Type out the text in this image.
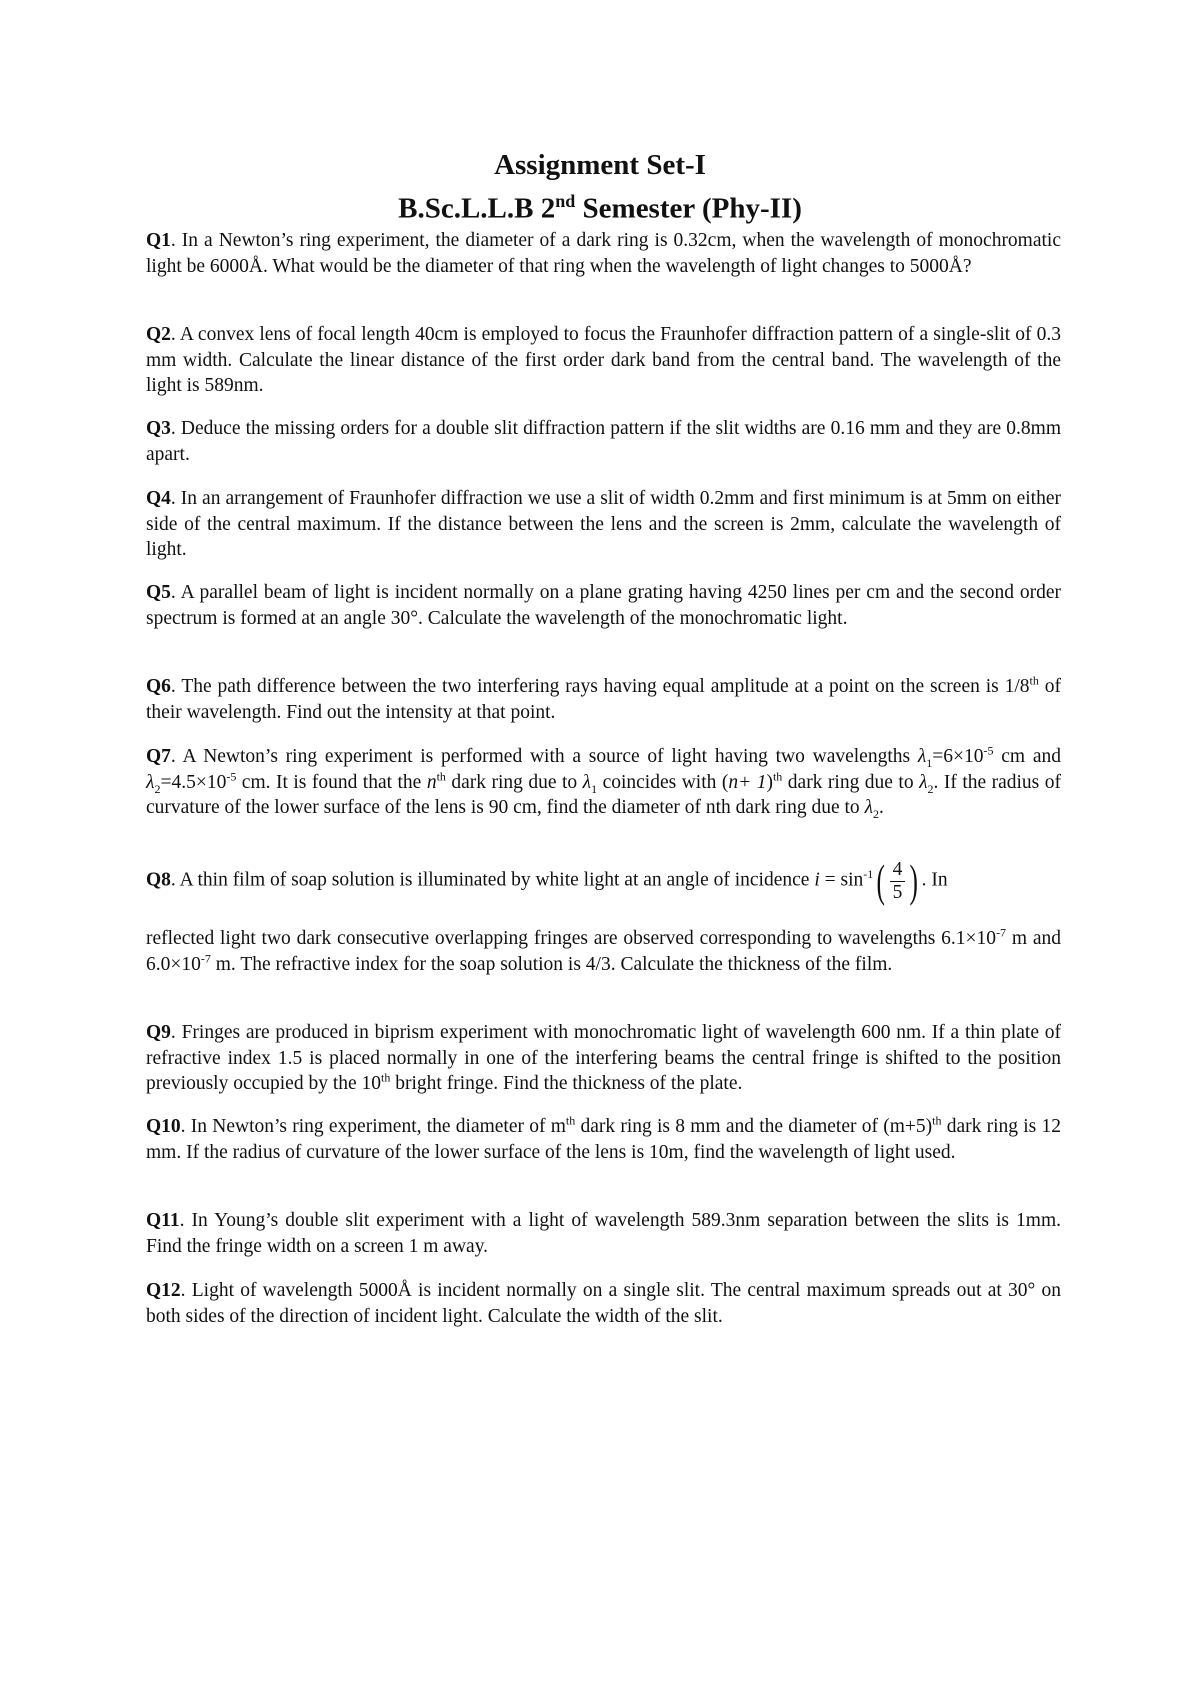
Assignment Set-I
B.Sc.L.L.B 2nd Semester (Phy-II)
Q1. In a Newton’s ring experiment, the diameter of a dark ring is 0.32cm, when the wavelength of monochromatic light be 6000Å. What would be the diameter of that ring when the wavelength of light changes to 5000Å?
Q2. A convex lens of focal length 40cm is employed to focus the Fraunhofer diffraction pattern of a single-slit of 0.3 mm width. Calculate the linear distance of the first order dark band from the central band. The wavelength of the light is 589nm.
Q3. Deduce the missing orders for a double slit diffraction pattern if the slit widths are 0.16 mm and they are 0.8mm apart.
Q4. In an arrangement of Fraunhofer diffraction we use a slit of width 0.2mm and first minimum is at 5mm on either side of the central maximum. If the distance between the lens and the screen is 2mm, calculate the wavelength of light.
Q5. A parallel beam of light is incident normally on a plane grating having 4250 lines per cm and the second order spectrum is formed at an angle 30°. Calculate the wavelength of the monochromatic light.
Q6. The path difference between the two interfering rays having equal amplitude at a point on the screen is 1/8th of their wavelength. Find out the intensity at that point.
Q7. A Newton’s ring experiment is performed with a source of light having two wavelengths $\lambda_1=6\times 10^{-5}$ cm and $\lambda_2=4.5\times 10^{-5}$ cm. It is found that the $n^{th}$ dark ring due to $\lambda_1$ coincides with $(n+ 1)^{th}$ dark ring due to $\lambda_2$. If the radius of curvature of the lower surface of the lens is 90 cm, find the diameter of nth dark ring due to $\lambda_2$.
Q8. A thin film of soap solution is illuminated by white light at an angle of incidence $i = \sin^{-1}( \frac{4}{5}$ ) . In
reflected light two dark consecutive overlapping fringes are observed corresponding to wavelengths $6.1\times 10^{-7}$ m and $6.0\times 10^{-7}$ m. The refractive index for the soap solution is 4/3. Calculate the thickness of the film.
Q9. Fringes are produced in biprism experiment with monochromatic light of wavelength 600 nm. If a thin plate of refractive index 1.5 is placed normally in one of the interfering beams the central fringe is shifted to the position previously occupied by the 10th bright fringe. Find the thickness of the plate.
Q10. In Newton’s ring experiment, the diameter of $m^{th}$ dark ring is 8 mm and the diameter of $(m+5)^{th}$ dark ring is 12 mm. If the radius of curvature of the lower surface of the lens is 10m, find the wavelength of light used.
Q11. In Young’s double slit experiment with a light of wavelength 589.3nm separation between the slits is 1mm. Find the fringe width on a screen 1 m away.
Q12. Light of wavelength 5000Å is incident normally on a single slit. The central maximum spreads out at 30° on both sides of the direction of incident light. Calculate the width of the slit.
